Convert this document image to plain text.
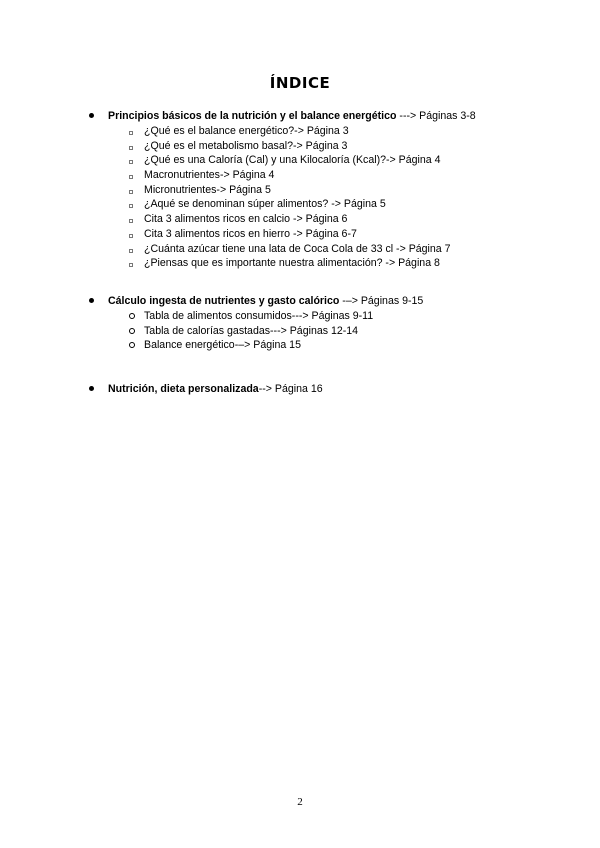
ÍNDICE
Principios básicos de la nutrición y el balance energético ---> Páginas 3-8
¿Qué es el balance energético?-> Página 3
¿Qué es el metabolismo basal?-> Página 3
¿Qué es una Caloría (Cal) y una Kilocaloría (Kcal)?-> Página 4
Macronutrientes-> Página 4
Micronutrientes-> Página 5
¿Aqué se denominan súper alimentos? -> Página 5
Cita 3 alimentos ricos en calcio -> Página 6
Cita 3 alimentos ricos en hierro -> Página 6-7
¿Cuánta azúcar tiene una lata de Coca Cola de 33 cl -> Página 7
¿Piensas que es importante nuestra alimentación? -> Página 8
Cálculo ingesta de nutrientes y gasto calórico -–> Páginas 9-15
Tabla de alimentos consumidos---> Páginas 9-11
Tabla de calorías gastadas---> Páginas 12-14
Balance energético-–> Página 15
Nutrición, dieta personalizada--> Página 16
2
